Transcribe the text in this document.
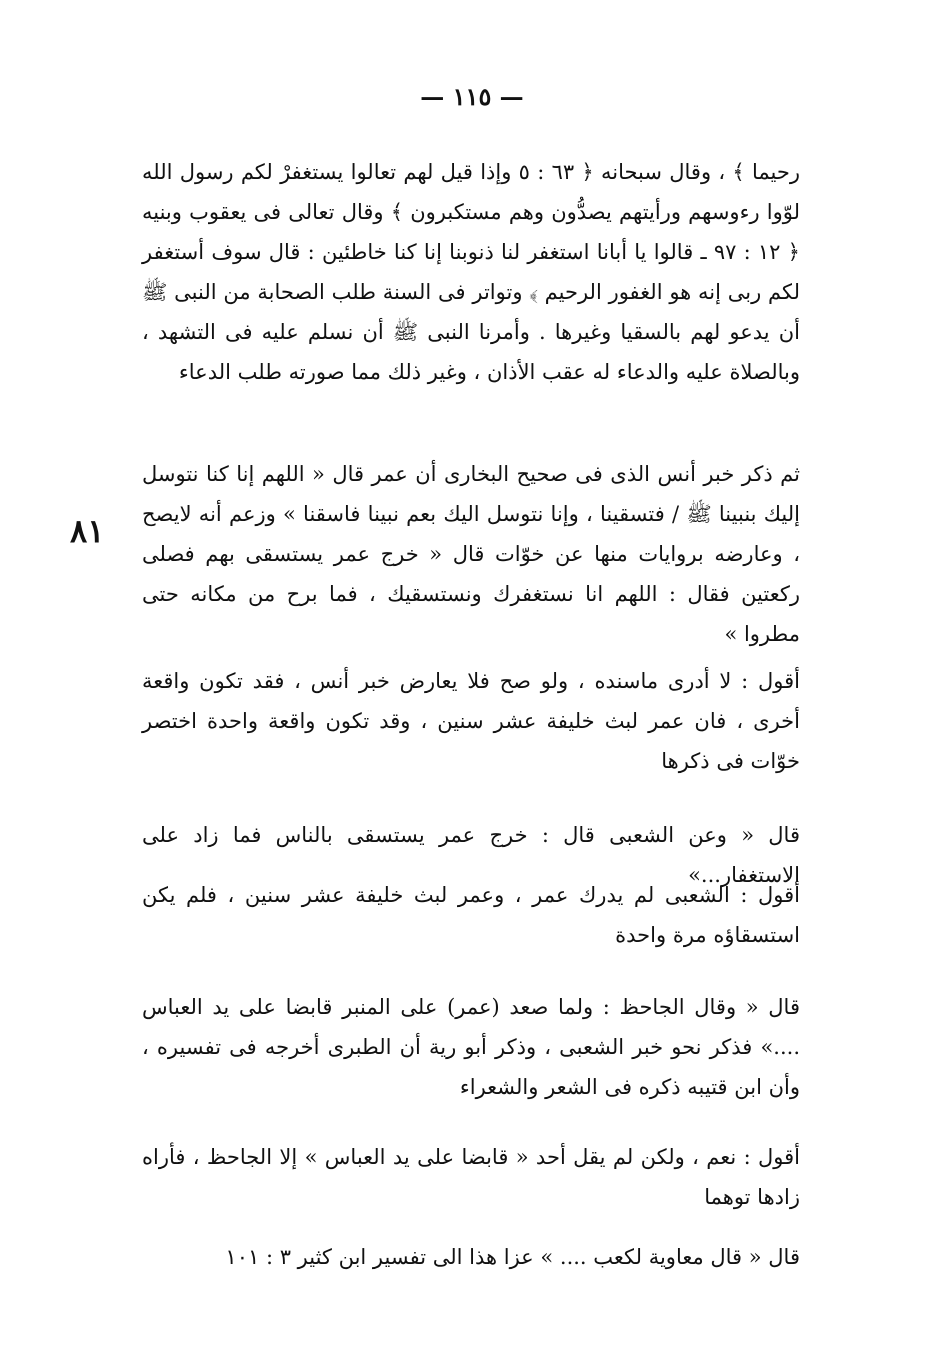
— ١١٥ —
٨١

رحيما ﴾ ، وقال سبحانه ﴿ ٦٣ : ٥ وإذا قيل لهم تعالوا يستغفرْ لكم رسول الله لوّوا رءوسهم ورأيتهم يصدُّون وهم مستكبرون ﴾ وقال تعالى فى يعقوب وبنيه ﴿ ١٢ : ٩٧ ـ قالوا يا أبانا استغفر لنا ذنوبنا إنا كنا خاطئين : قال سوف أستغفر لكم ربى إنه هو الغفور الرحيم ﴾ وتواتر فى السنة طلب الصحابة من النبى ﷺ أن يدعو لهم بالسقيا وغيرها . وأمرنا النبى ﷺ أن نسلم عليه فى التشهد ، وبالصلاة عليه والدعاء له عقب الأذان ، وغير ذلك مما صورته طلب الدعاء

ثم ذكر خبر أنس الذى فى صحيح البخارى أن عمر قال « اللهم إنا كنا نتوسل إليك بنبينا ﷺ / فتسقينا ، وإنا نتوسل اليك بعم نبينا فاسقنا » وزعم أنه لايصح ، وعارضه بروايات منها عن خوّات قال « خرج عمر يستسقى بهم فصلى ركعتين فقال : اللهم انا نستغفرك ونستسقيك ، فما برح من مكانه حتى مطروا »

أقول : لا أدرى ماسنده ، ولو صح فلا يعارض خبر أنس ، فقد تكون واقعة أخرى ، فان عمر لبث خليفة عشر سنين ، وقد تكون واقعة واحدة اختصر خوّات فى ذكرها

قال « وعن الشعبى قال : خرج عمر يستسقى بالناس فما زاد على الاستغفار...»

أقول : الشعبى لم يدرك عمر ، وعمر لبث خليفة عشر سنين ، فلم يكن استسقاؤه مرة واحدة

قال « وقال الجاحظ : ولما صعد (عمر) على المنبر قابضا على يد العباس ....» فذكر نحو خبر الشعبى ، وذكر أبو رية أن الطبرى أخرجه فى تفسيره ، وأن ابن قتيبه ذكره فى الشعر والشعراء

أقول : نعم ، ولكن لم يقل أحد « قابضا على يد العباس » إلا الجاحظ ، فأراه زادها توهما

قال « قال معاوية لكعب .... » عزا هذا الى تفسير ابن كثير ٣ : ١٠١
